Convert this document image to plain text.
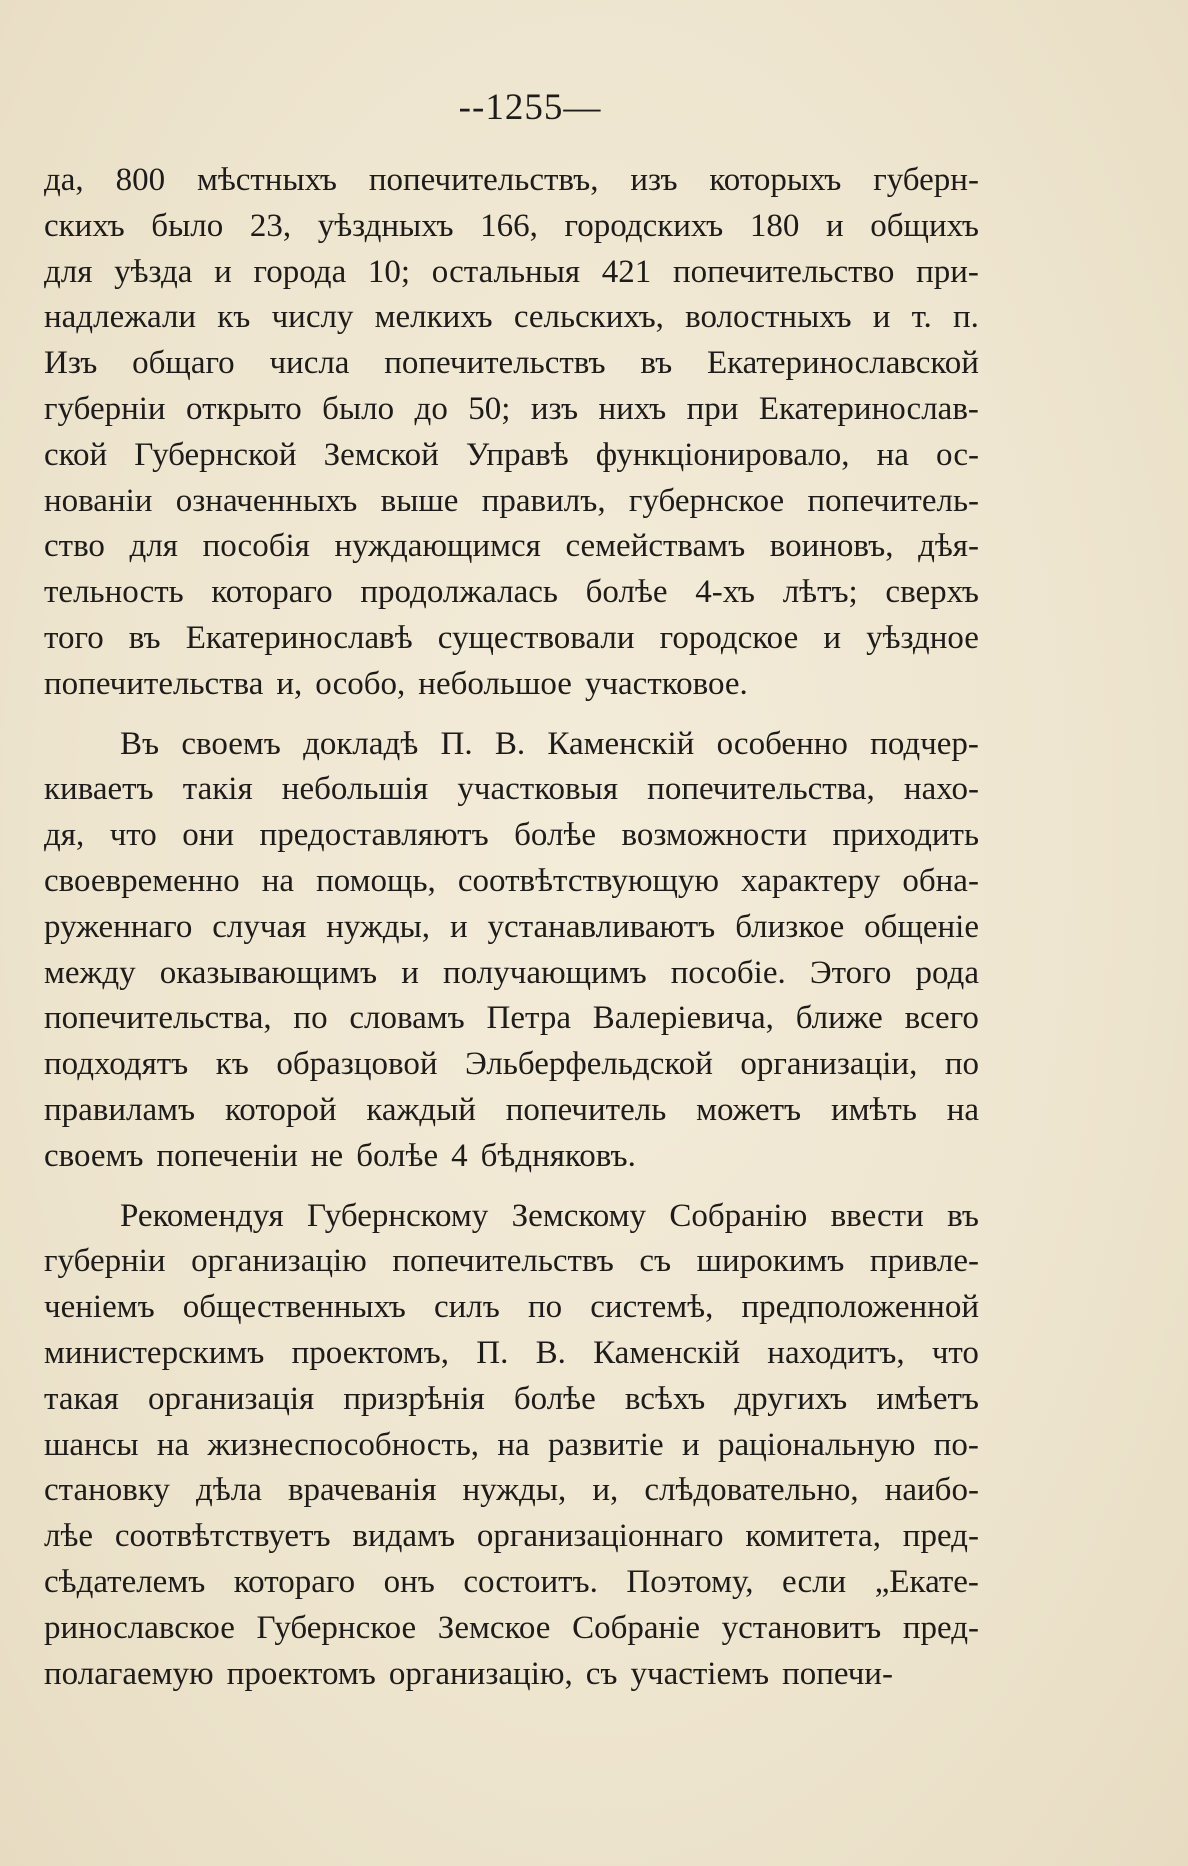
--1255—
да, 800 мѣстныхъ попечительствъ, изъ которыхъ губерн-
скихъ было 23, уѣздныхъ 166, городскихъ 180 и общихъ
для уѣзда и города 10; остальныя 421 попечительство при-
надлежали къ числу мелкихъ сельскихъ, волостныхъ и т. п.
Изъ общаго числа попечительствъ въ Екатеринославской
губерніи открыто было до 50; изъ нихъ при Екатеринослав-
ской Губернской Земской Управѣ функціонировало, на ос-
нованіи означенныхъ выше правилъ, губернское попечитель-
ство для пособія нуждающимся семействамъ воиновъ, дѣя-
тельность котораго продолжалась болѣе 4-хъ лѣтъ; сверхъ
того въ Екатеринославѣ существовали городское и уѣздное
попечительства и, особо, небольшое участковое.
Въ своемъ докладѣ П. В. Каменскій особенно подчер-
киваетъ такія небольшія участковыя попечительства, нахо-
дя, что они предоставляютъ болѣе возможности приходить
своевременно на помощь, соотвѣтствующую характеру обна-
руженнаго случая нужды, и устанавливаютъ близкое общеніе
между оказывающимъ и получающимъ пособіе. Этого рода
попечительства, по словамъ Петра Валеріевича, ближе всего
подходятъ къ образцовой Эльберфельдской организаціи, по
правиламъ которой каждый попечитель можетъ имѣть на
своемъ попеченіи не болѣе 4 бѣдняковъ.
Рекомендуя Губернскому Земскому Собранію ввести въ
губерніи организацію попечительствъ съ широкимъ привле-
ченіемъ общественныхъ силъ по системѣ, предположенной
министерскимъ проектомъ, П. В. Каменскій находитъ, что
такая организація призрѣнія болѣе всѣхъ другихъ имѣетъ
шансы на жизнеспособность, на развитіе и раціональную по-
становку дѣла врачеванія нужды, и, слѣдовательно, наибо-
лѣе соотвѣтствуетъ видамъ организаціоннаго комитета, пред-
сѣдателемъ котораго онъ состоитъ. Поэтому, если „Екате-
ринославское Губернское Земское Собраніе установитъ пред-
полагаемую проектомъ организацію, съ участіемъ попечи-
